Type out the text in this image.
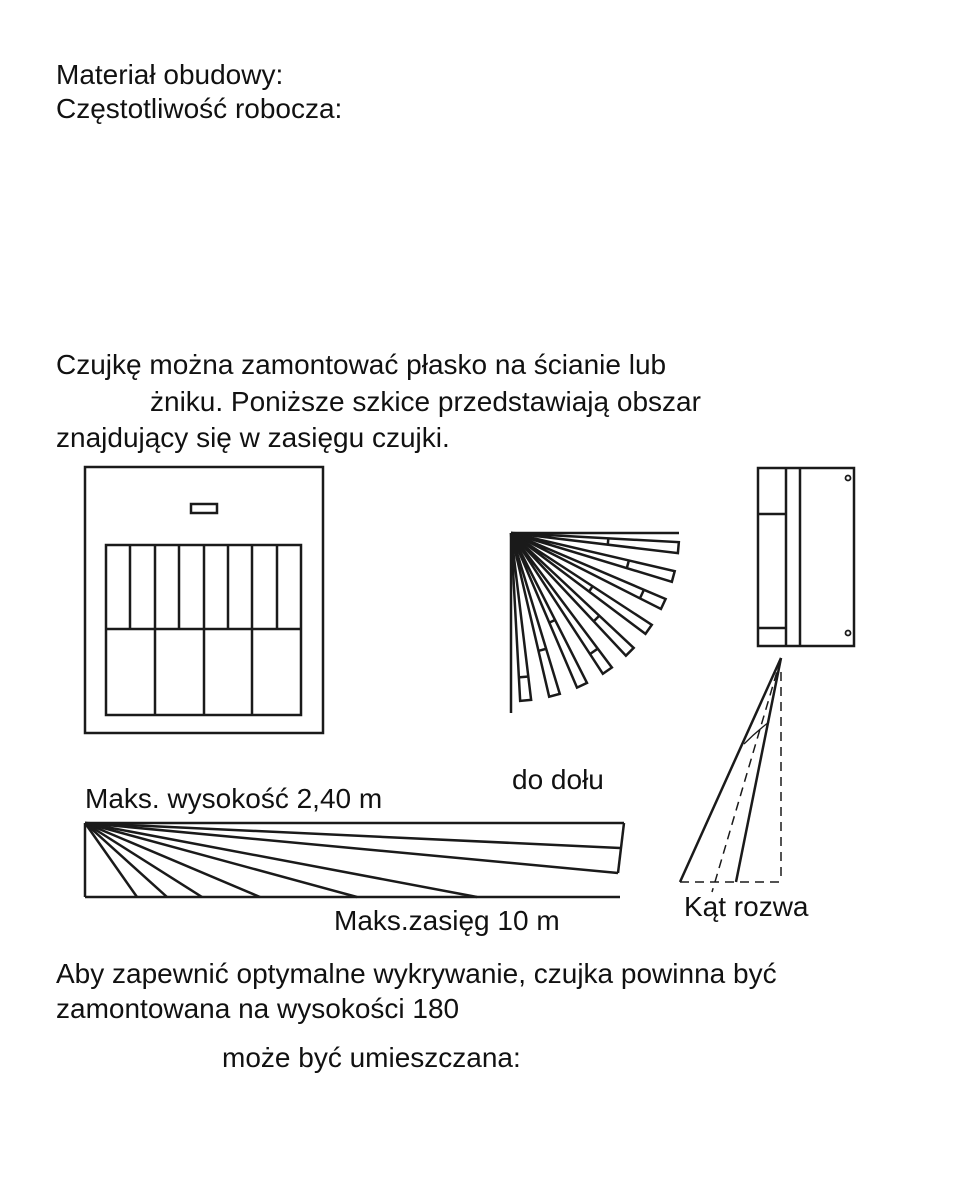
Materiał obudowy:

Częstotliwość robocza:

Czujkę można zamontować płasko na ścianie lub

żniku. Poniższe szkice przedstawiają obszar

znajdujący się w zasięgu czujki.

do dołu
Maks. wysokość 2,40 m
Maks.zasięg 10 m	Kąt rozwa

Aby zapewnić optymalne wykrywanie, czujka powinna być

zamontowana na wysokości 180

może być umieszczana:
